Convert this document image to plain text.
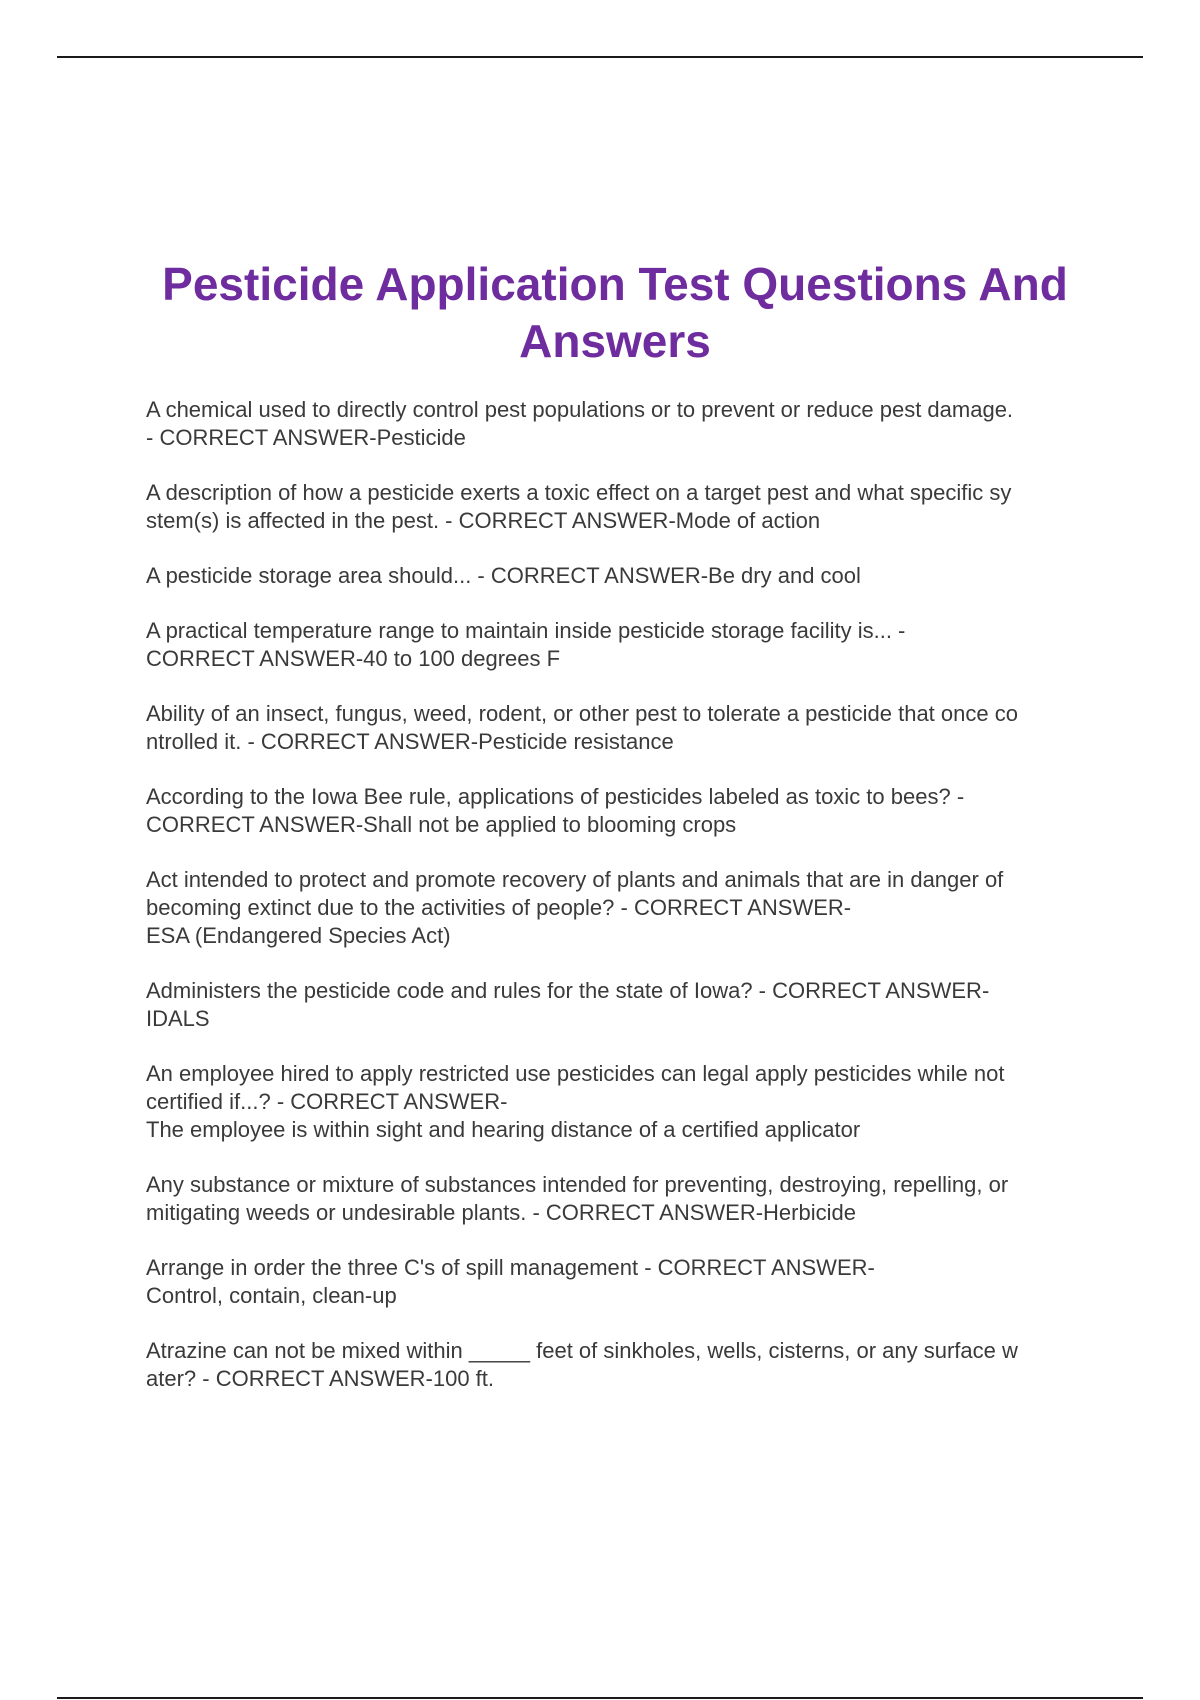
Pesticide Application Test Questions And Answers

A chemical used to directly control pest populations or to prevent or reduce pest damage.
- CORRECT ANSWER-Pesticide

A description of how a pesticide exerts a toxic effect on a target pest and what specific sy
stem(s) is affected in the pest. - CORRECT ANSWER-Mode of action

A pesticide storage area should... - CORRECT ANSWER-Be dry and cool

A practical temperature range to maintain inside pesticide storage facility is... -
CORRECT ANSWER-40 to 100 degrees F

Ability of an insect, fungus, weed, rodent, or other pest to tolerate a pesticide that once co
ntrolled it. - CORRECT ANSWER-Pesticide resistance

According to the Iowa Bee rule, applications of pesticides labeled as toxic to bees? -
CORRECT ANSWER-Shall not be applied to blooming crops

Act intended to protect and promote recovery of plants and animals that are in danger of
becoming extinct due to the activities of people? - CORRECT ANSWER-
ESA (Endangered Species Act)

Administers the pesticide code and rules for the state of Iowa? - CORRECT ANSWER-
IDALS

An employee hired to apply restricted use pesticides can legal apply pesticides while not
certified if...? - CORRECT ANSWER-
The employee is within sight and hearing distance of a certified applicator

Any substance or mixture of substances intended for preventing, destroying, repelling, or
mitigating weeds or undesirable plants. - CORRECT ANSWER-Herbicide

Arrange in order the three C's of spill management - CORRECT ANSWER-
Control, contain, clean-up

Atrazine can not be mixed within _____ feet of sinkholes, wells, cisterns, or any surface w
ater? - CORRECT ANSWER-100 ft.
